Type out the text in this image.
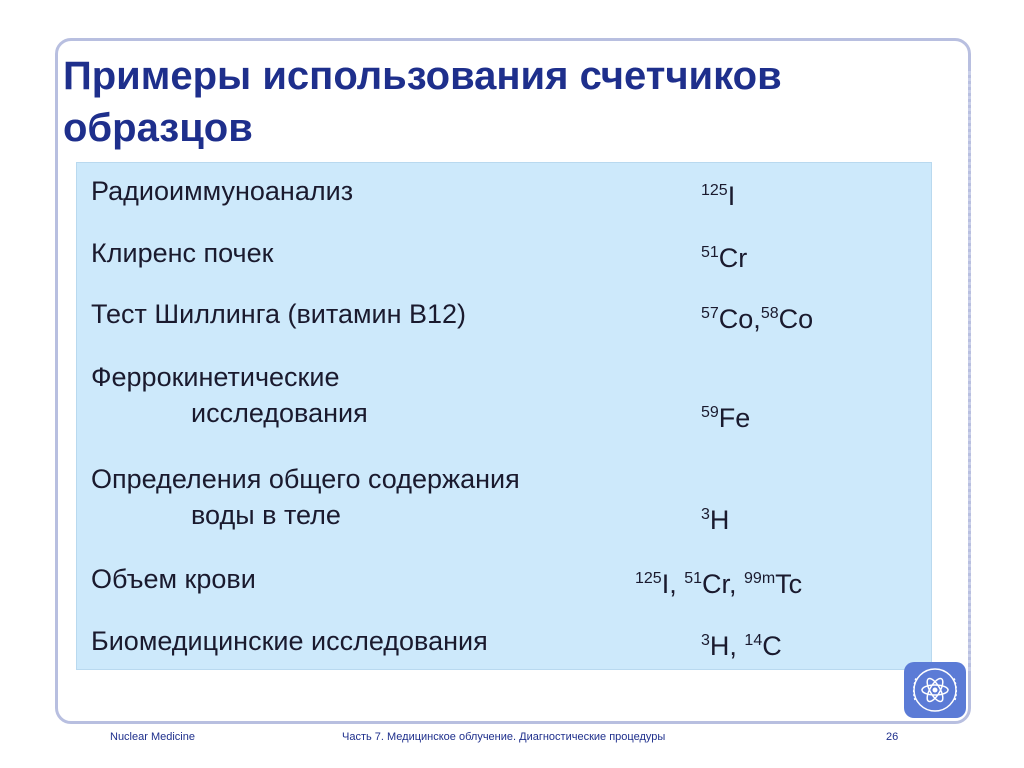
Примеры использования счетчиков образцов
Радиоиммуноанализ	$^{125}$I
Клиренс почек	$^{51}$Cr
Тест Шиллинга (витамин В12)	$^{57}$Co,$^{58}$Co
Феррокинетические
исследования	$^{59}$Fe
Определения общего содержания
воды в теле	$^3$H
Объем крови	$^{125}$I, $^{51}$Cr, $^{99m}$Tc
Биомедицинские исследования	$^3$H, $^{14}$C
Nuclear Medicine	Часть 7. Медицинское облучение. Диагностические процедуры	26
